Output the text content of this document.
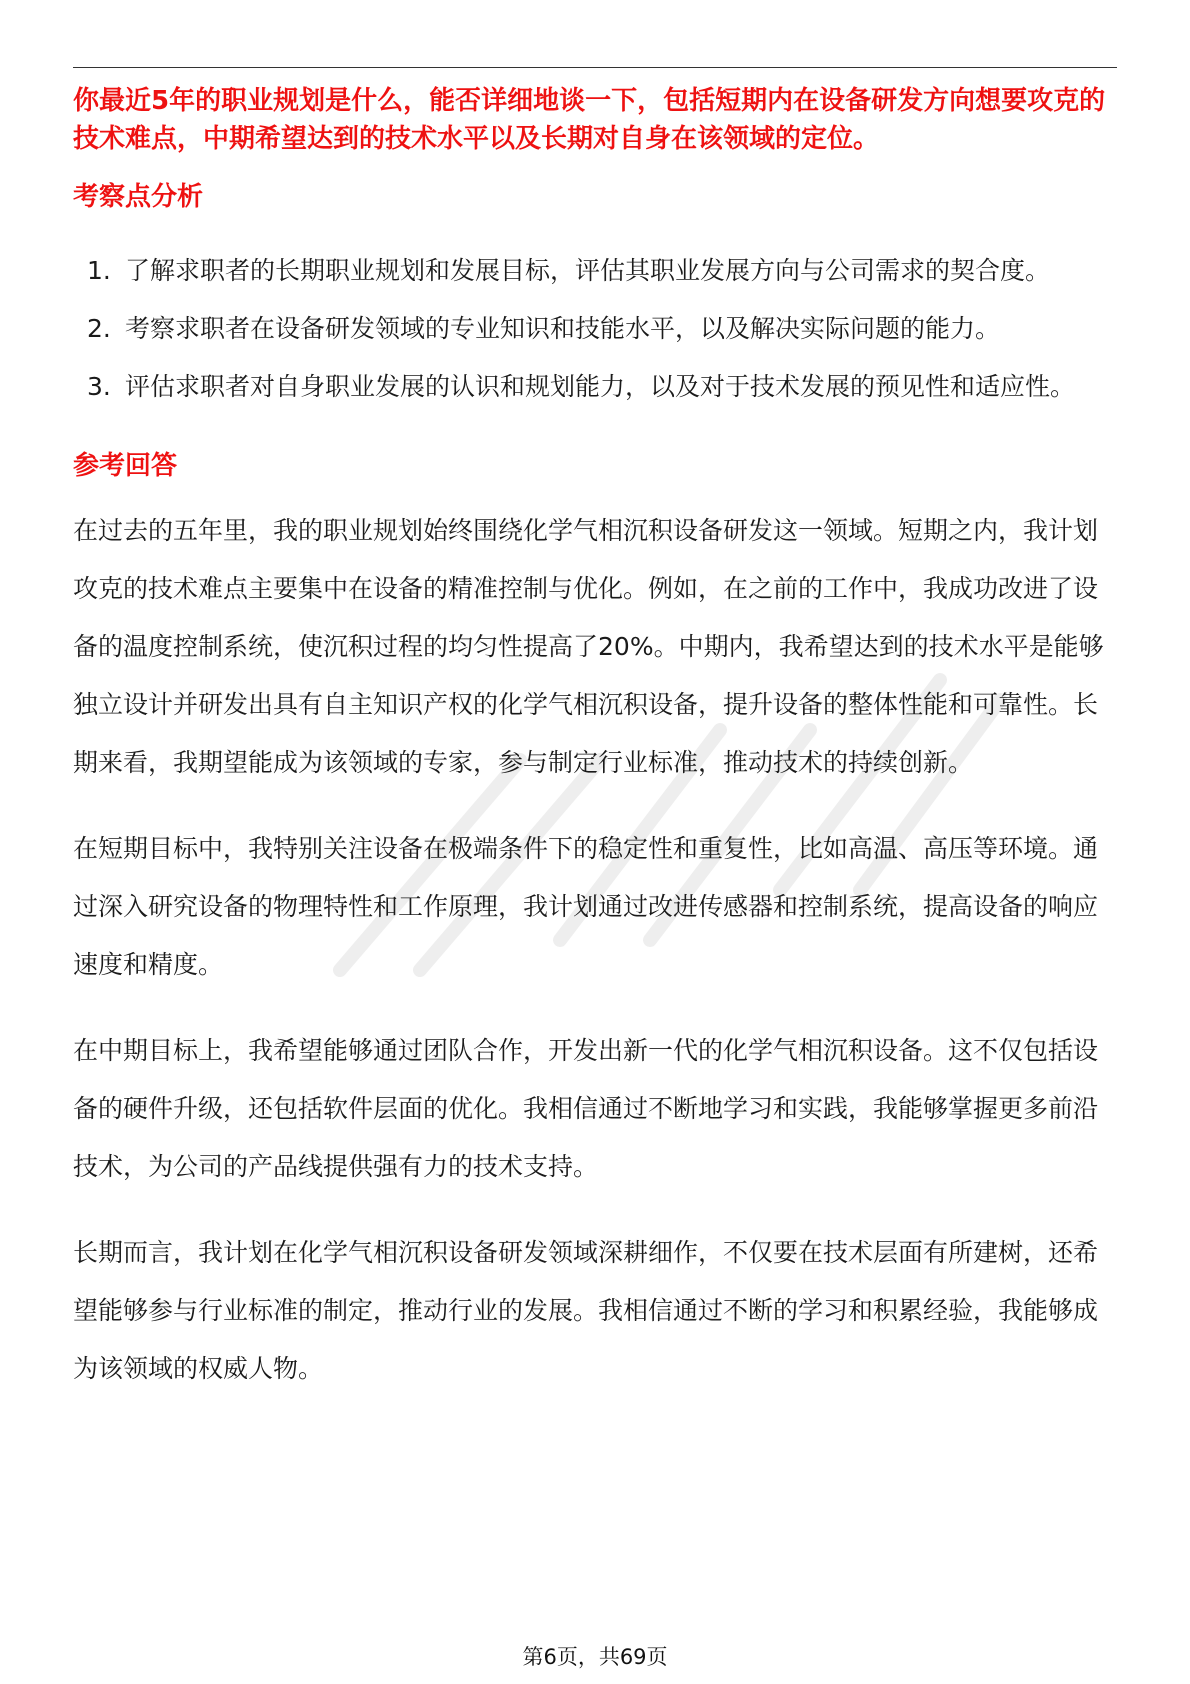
你最近5年的职业规划是什么，能否详细地谈一下，包括短期内在设备研发方向想要攻克的技术难点，中期希望达到的技术水平以及长期对自身在该领域的定位。

考察点分析
1. 了解求职者的长期职业规划和发展目标，评估其职业发展方向与公司需求的契合度。
2. 考察求职者在设备研发领域的专业知识和技能水平，以及解决实际问题的能力。
3. 评估求职者对自身职业发展的认识和规划能力，以及对于技术发展的预见性和适应性。
参考回答

在过去的五年里，我的职业规划始终围绕化学气相沉积设备研发这一领域。短期之内，我计划攻克的技术难点主要集中在设备的精准控制与优化。例如，在之前的工作中，我成功改进了设备的温度控制系统，使沉积过程的均匀性提高了20%。中期内，我希望达到的技术水平是能够独立设计并研发出具有自主知识产权的化学气相沉积设备，提升设备的整体性能和可靠性。长期来看，我期望能成为该领域的专家，参与制定行业标准，推动技术的持续创新。

在短期目标中，我特别关注设备在极端条件下的稳定性和重复性，比如高温、高压等环境。通过深入研究设备的物理特性和工作原理，我计划通过改进传感器和控制系统，提高设备的响应速度和精度。

在中期目标上，我希望能够通过团队合作，开发出新一代的化学气相沉积设备。这不仅包括设备的硬件升级，还包括软件层面的优化。我相信通过不断地学习和实践，我能够掌握更多前沿技术，为公司的产品线提供强有力的技术支持。

长期而言，我计划在化学气相沉积设备研发领域深耕细作，不仅要在技术层面有所建树，还希望能够参与行业标准的制定，推动行业的发展。我相信通过不断的学习和积累经验，我能够成为该领域的权威人物。

第6页，共69页
